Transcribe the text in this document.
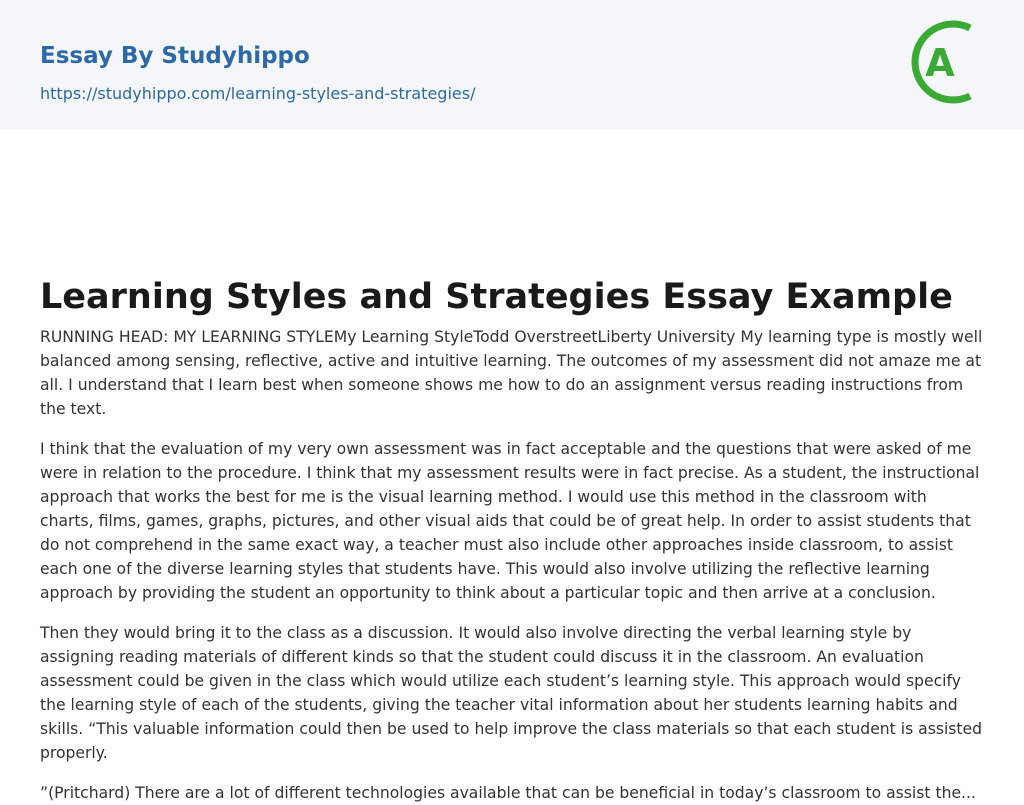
Essay By Studyhippo
https://studyhippo.com/learning-styles-and-strategies/
A
Learning Styles and Strategies Essay Example

RUNNING HEAD: MY LEARNING STYLEMy Learning StyleTodd OverstreetLiberty University My learning type is mostly well balanced among sensing, reflective, active and intuitive learning. The outcomes of my assessment did not amaze me at all. I understand that I learn best when someone shows me how to do an assignment versus reading instructions from the text.

I think that the evaluation of my very own assessment was in fact acceptable and the questions that were asked of me were in relation to the procedure. I think that my assessment results were in fact precise. As a student, the instructional approach that works the best for me is the visual learning method. I would use this method in the classroom with charts, films, games, graphs, pictures, and other visual aids that could be of great help. In order to assist students that do not comprehend in the same exact way, a teacher must also include other approaches inside classroom, to assist each one of the diverse learning styles that students have. This would also involve utilizing the reflective learning approach by providing the student an opportunity to think about a particular topic and then arrive at a conclusion.

Then they would bring it to the class as a discussion. It would also involve directing the verbal learning style by assigning reading materials of different kinds so that the student could discuss it in the classroom. An evaluation assessment could be given in the class which would utilize each student’s learning style. This approach would specify the learning style of each of the students, giving the teacher vital information about her students learning habits and skills. “This valuable information could then be used to help improve the class materials so that each student is assisted properly.

”(Pritchard) There are a lot of different technologies available that can be beneficial in today’s classroom to assist the...
